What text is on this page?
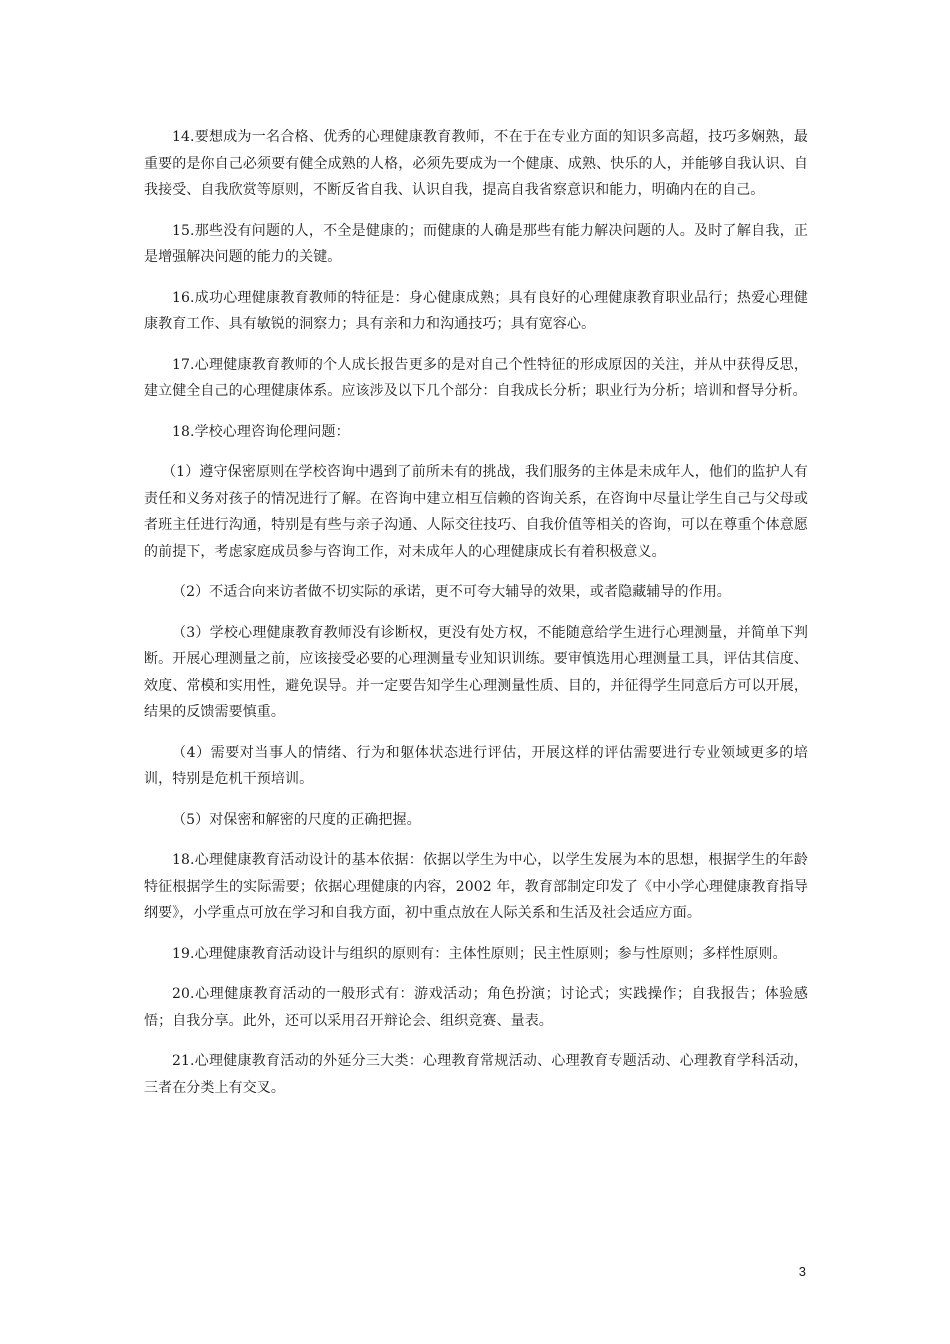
14.要想成为一名合格、优秀的心理健康教育教师，不在于在专业方面的知识多高超，技巧多娴熟，最重要的是你自己必须要有健全成熟的人格，必须先要成为一个健康、成熟、快乐的人，并能够自我认识、自我接受、自我欣赏等原则，不断反省自我、认识自我，提高自我省察意识和能力，明确内在的自己。

15.那些没有问题的人，不全是健康的；而健康的人确是那些有能力解决问题的人。及时了解自我，正是增强解决问题的能力的关键。

16.成功心理健康教育教师的特征是：身心健康成熟；具有良好的心理健康教育职业品行；热爱心理健康教育工作、具有敏锐的洞察力；具有亲和力和沟通技巧；具有宽容心。

17.心理健康教育教师的个人成长报告更多的是对自己个性特征的形成原因的关注，并从中获得反思，建立健全自己的心理健康体系。应该涉及以下几个部分：自我成长分析；职业行为分析；培训和督导分析。

18.学校心理咨询伦理问题：

（1）遵守保密原则在学校咨询中遇到了前所未有的挑战，我们服务的主体是未成年人，他们的监护人有责任和义务对孩子的情况进行了解。在咨询中建立相互信赖的咨询关系，在咨询中尽量让学生自己与父母或者班主任进行沟通，特别是有些与亲子沟通、人际交往技巧、自我价值等相关的咨询，可以在尊重个体意愿的前提下，考虑家庭成员参与咨询工作，对未成年人的心理健康成长有着积极意义。

（2）不适合向来访者做不切实际的承诺，更不可夸大辅导的效果，或者隐藏辅导的作用。

（3）学校心理健康教育教师没有诊断权，更没有处方权，不能随意给学生进行心理测量，并简单下判断。开展心理测量之前，应该接受必要的心理测量专业知识训练。要审慎选用心理测量工具，评估其信度、效度、常模和实用性，避免误导。并一定要告知学生心理测量性质、目的，并征得学生同意后方可以开展，结果的反馈需要慎重。

（4）需要对当事人的情绪、行为和躯体状态进行评估，开展这样的评估需要进行专业领域更多的培训，特别是危机干预培训。

（5）对保密和解密的尺度的正确把握。

18.心理健康教育活动设计的基本依据：依据以学生为中心，以学生发展为本的思想，根据学生的年龄特征根据学生的实际需要；依据心理健康的内容，2002 年，教育部制定印发了《中小学心理健康教育指导纲要》，小学重点可放在学习和自我方面，初中重点放在人际关系和生活及社会适应方面。

19.心理健康教育活动设计与组织的原则有：主体性原则；民主性原则；参与性原则；多样性原则。

20.心理健康教育活动的一般形式有：游戏活动；角色扮演；讨论式；实践操作；自我报告；体验感悟；自我分享。此外，还可以采用召开辩论会、组织竞赛、量表。

21.心理健康教育活动的外延分三大类：心理教育常规活动、心理教育专题活动、心理教育学科活动，三者在分类上有交叉。

3
